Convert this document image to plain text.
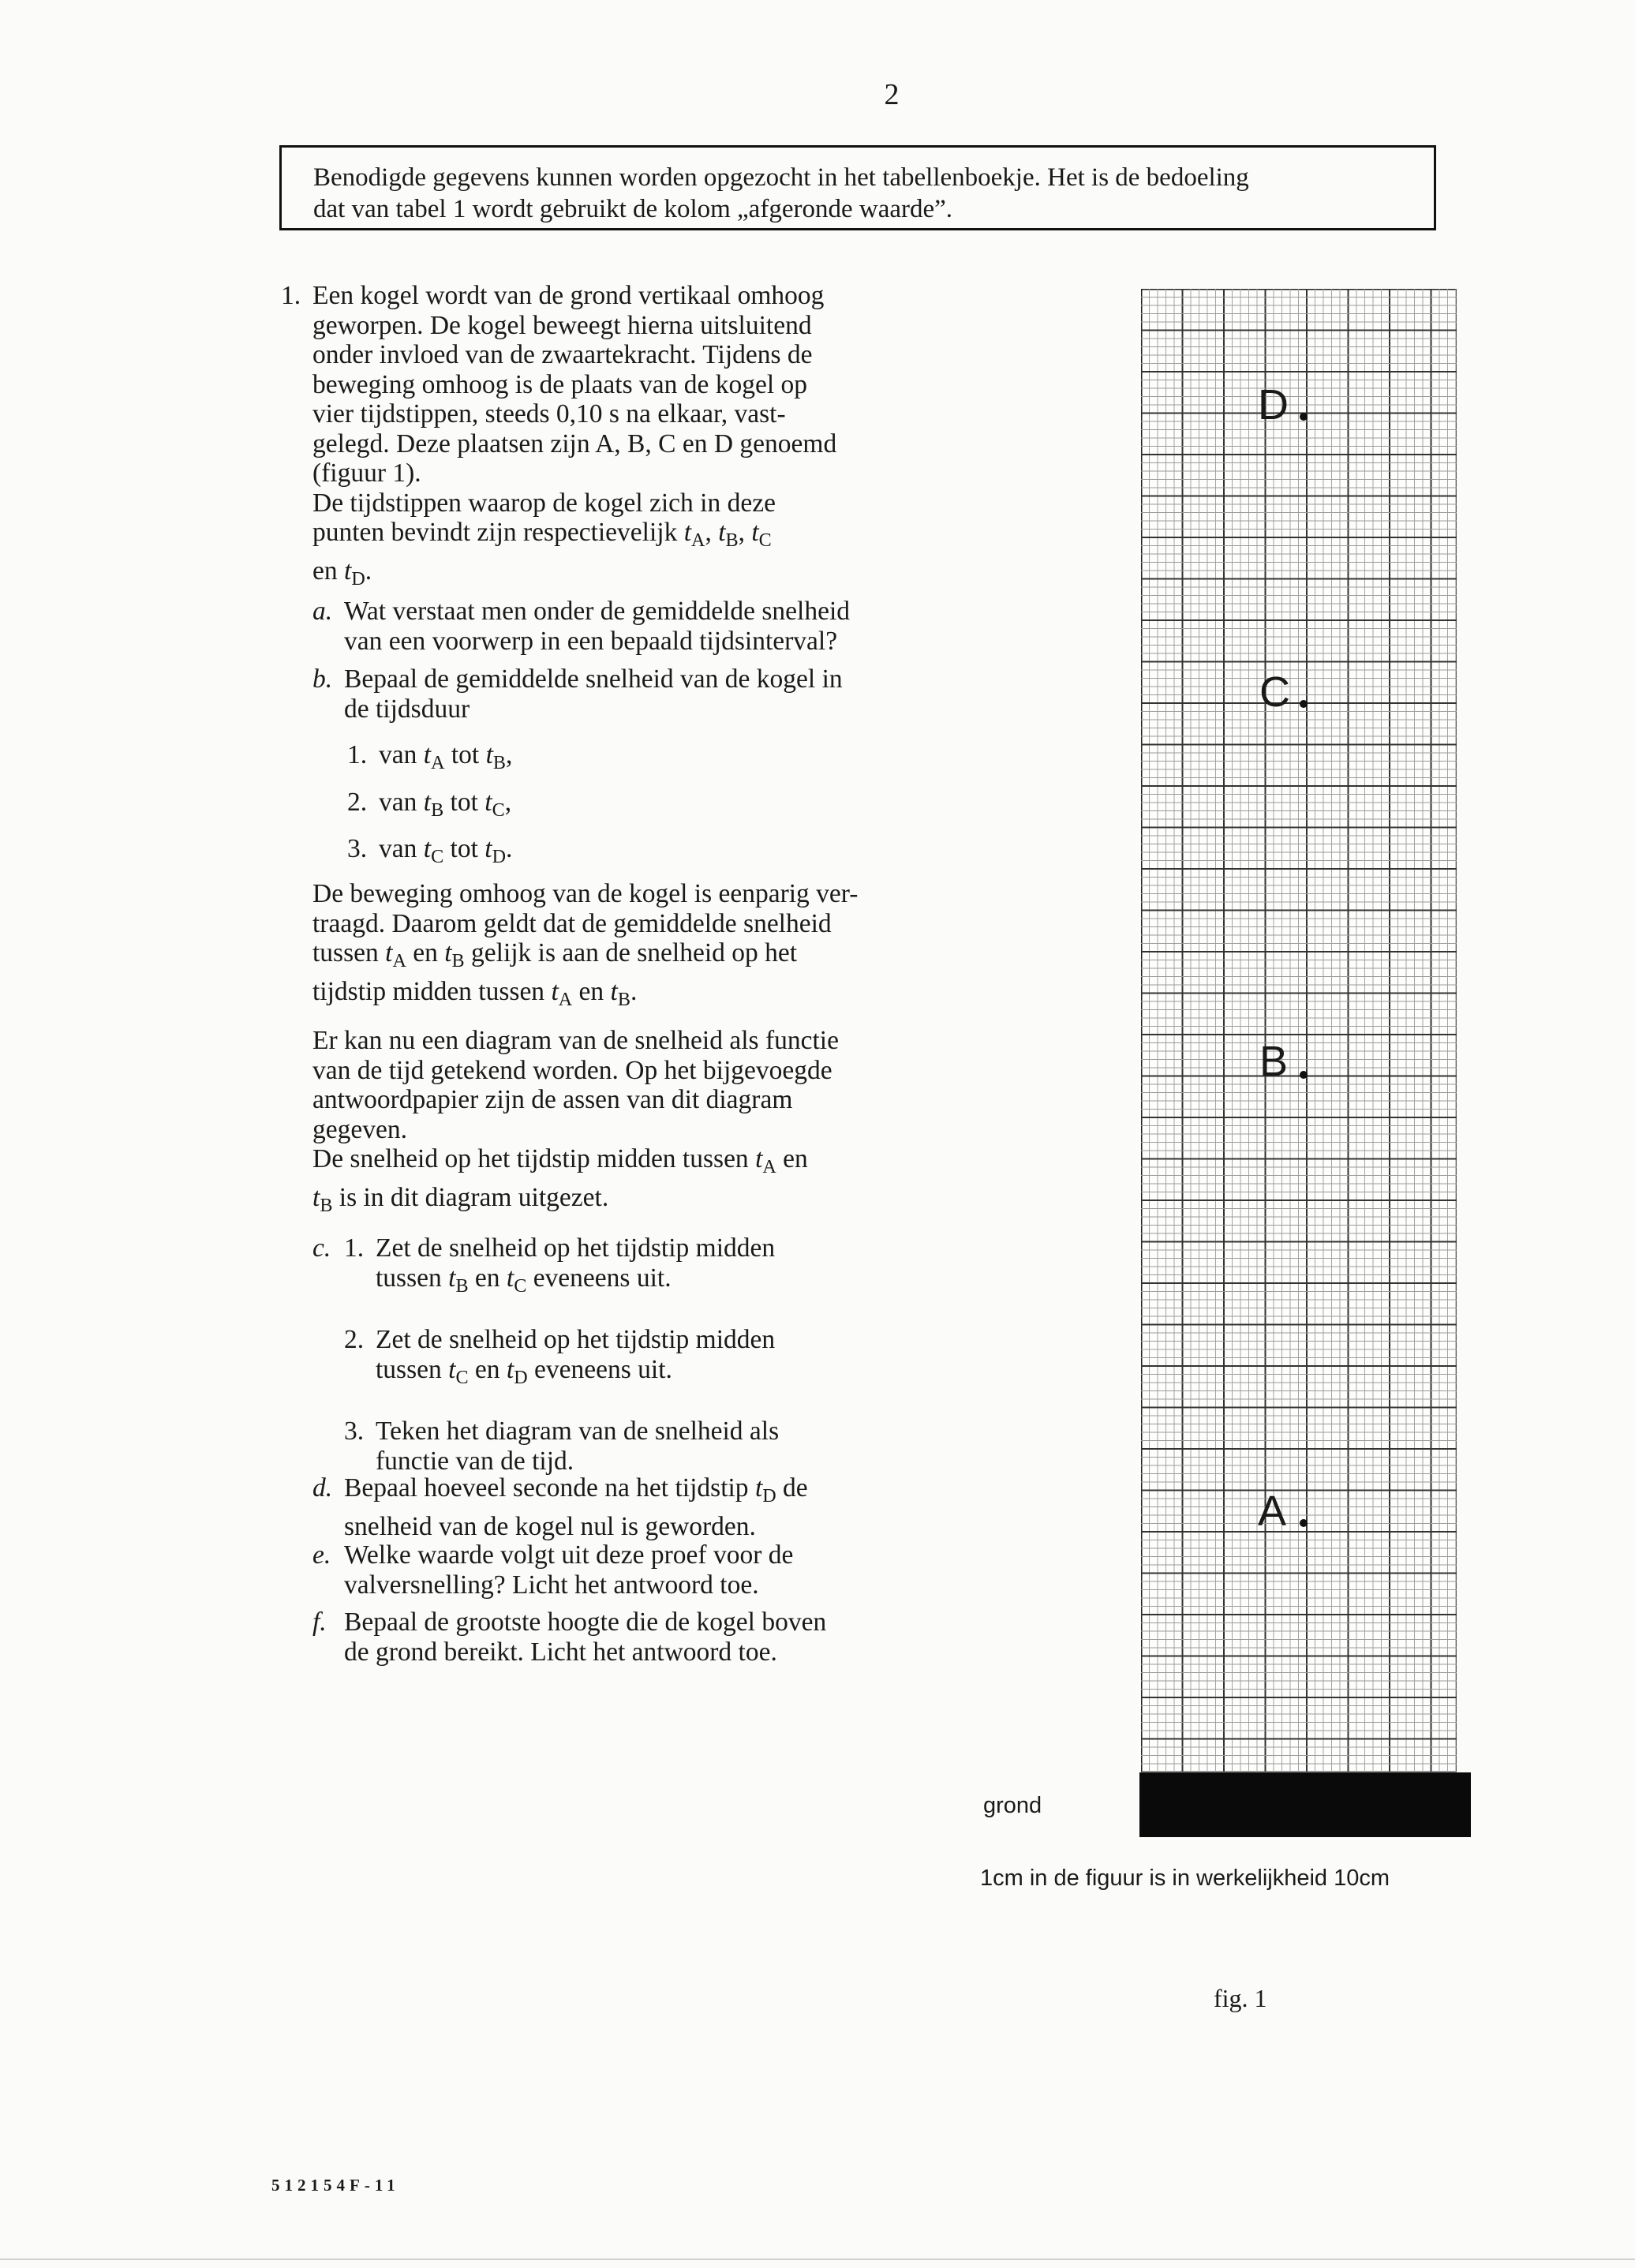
2
Benodigde gegevens kunnen worden opgezocht in het tabellenboekje. Het is de bedoeling
dat van tabel 1 wordt gebruikt de kolom „afgeronde waarde”.
1. Een kogel wordt van de grond vertikaal omhoog
geworpen. De kogel beweegt hierna uitsluitend
onder invloed van de zwaartekracht. Tijdens de
beweging omhoog is de plaats van de kogel op
vier tijdstippen, steeds 0,10 s na elkaar, vast-
gelegd. Deze plaatsen zijn A, B, C en D genoemd
(figuur 1).
De tijdstippen waarop de kogel zich in deze
punten bevindt zijn respectievelijk $t_A$, $t_B$, $t_C$
en $t_D$.
a. Wat verstaat men onder de gemiddelde snelheid
van een voorwerp in een bepaald tijdsinterval?
b. Bepaal de gemiddelde snelheid van de kogel in
de tijdsduur
1. van $t_A$ tot $t_B$,
2. van $t_B$ tot $t_C$,
3. van $t_C$ tot $t_D$.
De beweging omhoog van de kogel is eenparig ver-
traagd. Daarom geldt dat de gemiddelde snelheid
tussen $t_A$ en $t_B$ gelijk is aan de snelheid op het
tijdstip midden tussen $t_A$ en $t_B$.
Er kan nu een diagram van de snelheid als functie
van de tijd getekend worden. Op het bijgevoegde
antwoordpapier zijn de assen van dit diagram
gegeven.
De snelheid op het tijdstip midden tussen $t_A$ en
$t_B$ is in dit diagram uitgezet.
c. 1. Zet de snelheid op het tijdstip midden
tussen $t_B$ en $t_C$ eveneens uit.
2. Zet de snelheid op het tijdstip midden
tussen $t_C$ en $t_D$ eveneens uit.
3. Teken het diagram van de snelheid als
functie van de tijd.
d. Bepaal hoeveel seconde na het tijdstip $t_D$ de
snelheid van de kogel nul is geworden.
e. Welke waarde volgt uit deze proef voor de
valversnelling? Licht het antwoord toe.
f. Bepaal de grootste hoogte die de kogel boven
de grond bereikt. Licht het antwoord toe.
D
C
B
A
grond
1cm in de figuur is in werkelijkheid 10cm
fig. 1
512154F-11
